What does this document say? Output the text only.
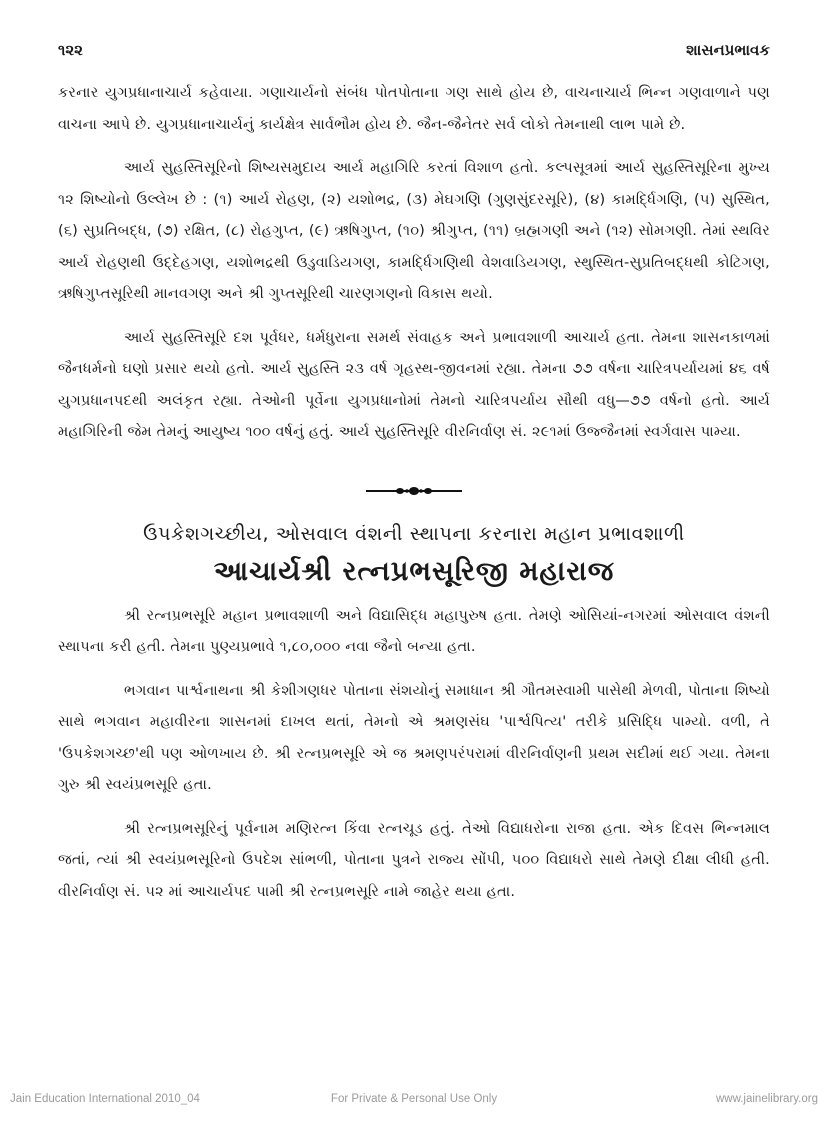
૧૨૨	શાસનપ્રભાવક

કરનાર યુગપ્રધાનાચાર્ય કહેવાયા. ગણાચાર્યનો સંબંધ પોતપોતાના ગણ સાથે હોય છે, વાચનાચાર્ય ભિન્ન ગણવાળાને પણ વાચના આપે છે. યુગપ્રધાનાચાર્યનું કાર્યક્ષેત્ર સાર્વભૌમ હોય છે. જૈન-જૈનેતર સર્વ લોકો તેમનાથી લાભ પામે છે.

આર્ય સુહસ્તિસૂરિનો શિષ્યસમુદાય આર્ય મહાગિરિ કરતાં વિશાળ હતો. કલ્પસૂત્રમાં આર્ય સુહસ્તિસૂરિના મુખ્ય ૧૨ શિષ્યોનો ઉલ્લેખ છે : (૧) આર્ય રોહણ, (૨) યશોભદ્ર, (૩) મેઘગણિ (ગુણસુંદરસૂરિ), (૪) કામર્દ્ધિગણિ, (૫) સુસ્થિત, (૬) સુપ્રતિબદ્ધ, (૭) રક્ષિત, (૮) રોહગુપ્ત, (૯) ઋષિગુપ્ત, (૧૦) શ્રીગુપ્ત, (૧૧) બ્રહ્મગણી અને (૧૨) સોમગણી. તેમાં સ્થવિર આર્ય રોહણથી ઉદ્દેહગણ, યશોભદ્રથી ઉડુવાડિયગણ, કામર્દ્ધિગણિથી વેશવાડિયગણ, સ્થુસ્થિત-સુપ્રતિબદ્ધથી કોટિગણ, ઋષિગુપ્તસૂરિથી માનવગણ અને શ્રી ગુપ્તસૂરિથી ચારણગણનો વિકાસ થયો.

આર્ય સુહસ્તિસૂરિ દશ પૂર્વધર, ધર્મધુરાના સમર્થ સંવાહક અને પ્રભાવશાળી આચાર્ય હતા. તેમના શાસનકાળમાં જૈનધર્મનો ઘણો પ્રસાર થયો હતો. આર્ય સુહસ્તિ ૨૩ વર્ષ ગૃહસ્થ-જીવનમાં રહ્યા. તેમના ૭૭ વર્ષના ચારિત્રપર્યાયમાં ૪૬ વર્ષ યુગપ્રધાનપદથી અલંકૃત રહ્યા. તેઓની પૂર્વેના યુગપ્રધાનોમાં તેમનો ચારિત્રપર્યાય સૌથી વધુ—૭૭ વર્ષનો હતો. આર્ય મહાગિરિની જેમ તેમનું આયુષ્ય ૧૦૦ વર્ષનું હતું. આર્ય સુહસ્તિસૂરિ વીરનિર્વાણ સં. ૨૯૧માં ઉજ્જૈનમાં સ્વર્ગવાસ પામ્યા.

ઉપકેશગચ્છીય, ઓસવાલ વંશની સ્થાપના કરનારા મહાન પ્રભાવશાળી
આચાર્યશ્રી રત્નપ્રભસૂરિજી મહારાજ

શ્રી રત્નપ્રભસૂરિ મહાન પ્રભાવશાળી અને વિદ્યાસિદ્ધ મહાપુરુષ હતા. તેમણે ઓસિયાં-નગરમાં ઓસવાલ વંશની સ્થાપના કરી હતી. તેમના પુણ્યપ્રભાવે ૧,૮૦,૦૦૦ નવા જૈનો બન્યા હતા.

ભગવાન પાર્શ્વનાથના શ્રી કેશીગણધર પોતાના સંશયોનું સમાધાન શ્રી ગૌતમસ્વામી પાસેથી મેળવી, પોતાના શિષ્યો સાથે ભગવાન મહાવીરના શાસનમાં દાખલ થતાં, તેમનો એ શ્રમણસંઘ 'પાર્શ્વપિત્ય' તરીકે પ્રસિદ્ધિ પામ્યો. વળી, તે 'ઉપકેશગચ્છ'થી પણ ઓળખાય છે. શ્રી રત્નપ્રભસૂરિ એ જ શ્રમણપરંપરામાં વીરનિર્વાણની પ્રથમ સદીમાં થઈ ગયા. તેમના ગુરુ શ્રી સ્વયંપ્રભસૂરિ હતા.

શ્રી રત્નપ્રભસૂરિનું પૂર્વનામ મણિરત્ન કિંવા રત્નચૂડ હતું. તેઓ વિદ્યાધરોના રાજા હતા. એક દિવસ ભિન્નમાલ જતાં, ત્યાં શ્રી સ્વયંપ્રભસૂરિનો ઉપદેશ સાંભળી, પોતાના પુત્રને રાજ્ય સોંપી, ૫૦૦ વિદ્યાધરો સાથે તેમણે દીક્ષા લીધી હતી. વીરનિર્વાણ સં. ૫૨ માં આચાર્યપદ પામી શ્રી રત્નપ્રભસૂરિ નામે જાહેર થયા હતા.

Jain Education International 2010_04	For Private & Personal Use Only	www.jainelibrary.org
